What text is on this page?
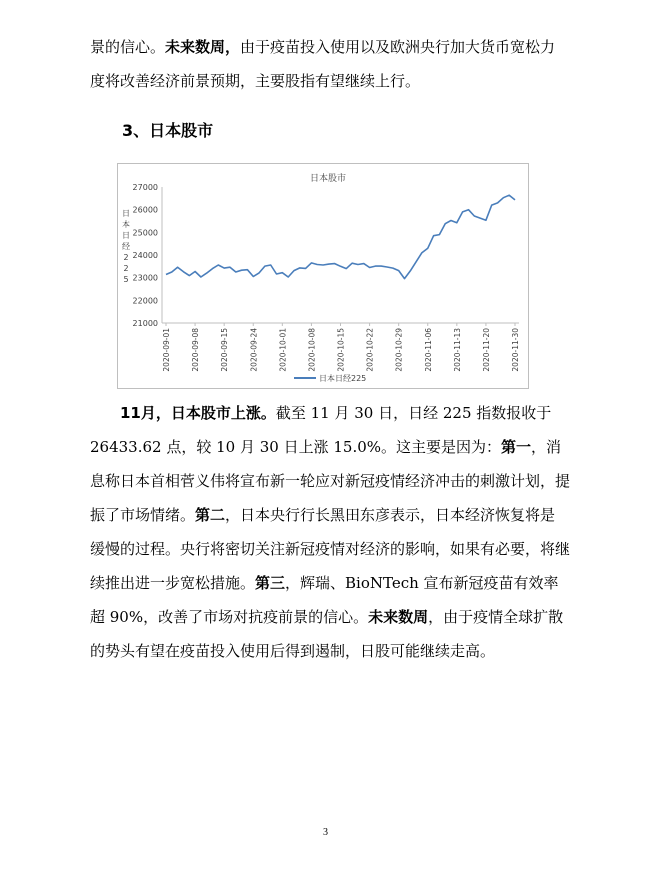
景的信心。未来数周，由于疫苗投入使用以及欧洲央行加大货币宽松力度将改善经济前景预期，主要股指有望继续上行。

3、日本股市
日本股市
日
本
日
经
2
2
5
21000
22000
23000
24000
25000
26000
27000
2020-09-01	2020-09-08	2020-09-15	2020-09-24	2020-10-01	2020-10-08	2020-10-15	2020-10-22	2020-10-29	2020-11-06	2020-11-13	2020-11-20	2020-11-30
日本日经225

11月，日本股市上涨。截至 11 月 30 日，日经 225 指数报收于 26433.62 点，较 10 月 30 日上涨 15.0%。这主要是因为：第一，消息称日本首相菅义伟将宣布新一轮应对新冠疫情经济冲击的刺激计划，提振了市场情绪。第二，日本央行行长黑田东彦表示，日本经济恢复将是缓慢的过程。央行将密切关注新冠疫情对经济的影响，如果有必要，将继续推出进一步宽松措施。第三，辉瑞、BioNTech 宣布新冠疫苗有效率超 90%，改善了市场对抗疫前景的信心。未来数周，由于疫情全球扩散的势头有望在疫苗投入使用后得到遏制，日股可能继续走高。

3
